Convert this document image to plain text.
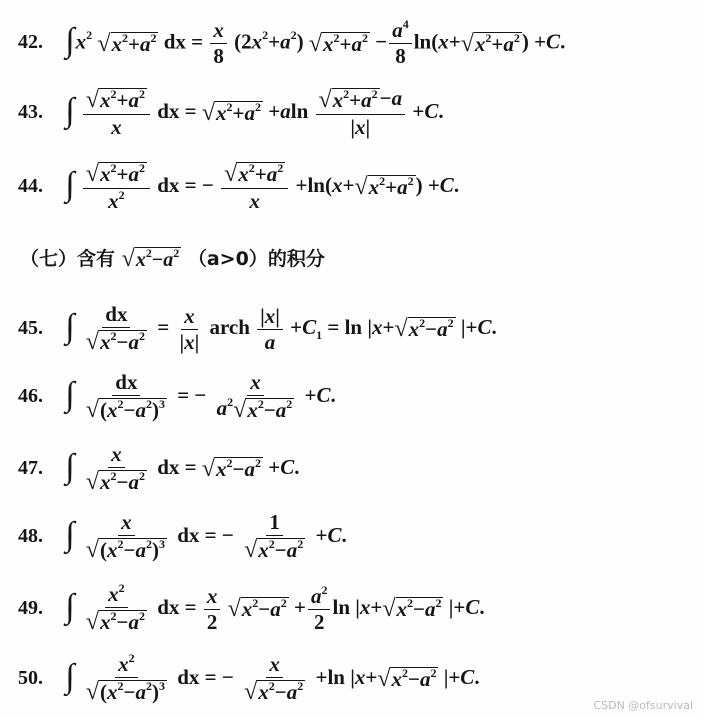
42. $\int x^2$ √ $x^2+a^2$ dx = $\frac{x}{8} (2x^2+a^2)$ √ $x^2+a^2 - \frac{a^4}{8} \ln(x+$ √ $x^2+a^2$ ) +C.
43. ∫ $\frac{√ x^2+a^2}{x}$ dx = √ $x^2+a^2 +aln \frac{√ x^2+a^2 -a}{|x|} +C$.
44. ∫ $\frac{√ x^2+a^2}{x^2}$ dx = − $\frac{√ x^2+a^2}{x} +\ln(x+$ √ $x^2+a^2$ ) +C.
（七）含有 √ $x^2-a^2$ （a>0）的积分
45. ∫ $\frac{dx}{√ x^2-a^2} = \frac{x}{|x|}$ arch $\frac{|x|}{a} +C_1 = \ln |x+$ √ $x^2-a^2$ |+C.
46. ∫ $\frac{dx}{√ (x^2-a^2)^3}$ = − $\frac{x}{a^2 √ x^2-a^2} +C$.
47. ∫ $\frac{x}{√ x^2-a^2}$ dx = √ $x^2-a^2 +C$.
48. ∫ $\frac{x}{√ (x^2-a^2)^3}$ dx = − $\frac{1}{√ x^2-a^2} +C$.
49. ∫ $\frac{x^2}{√ x^2-a^2}$ dx = $\frac{x}{2}$
√ $x^2-a^2 + \frac{a^2}{2}$ ln |x+ √ $x^2-a^2$ |+C.
50. ∫ $\frac{x^2}{√ (x^2-a^2)^3}$ dx = − $\frac{x}{√ x^2-a^2} +\ln$ |x+ √ $x^2-a^2$ |+C.
CSDN @ofsurvival
